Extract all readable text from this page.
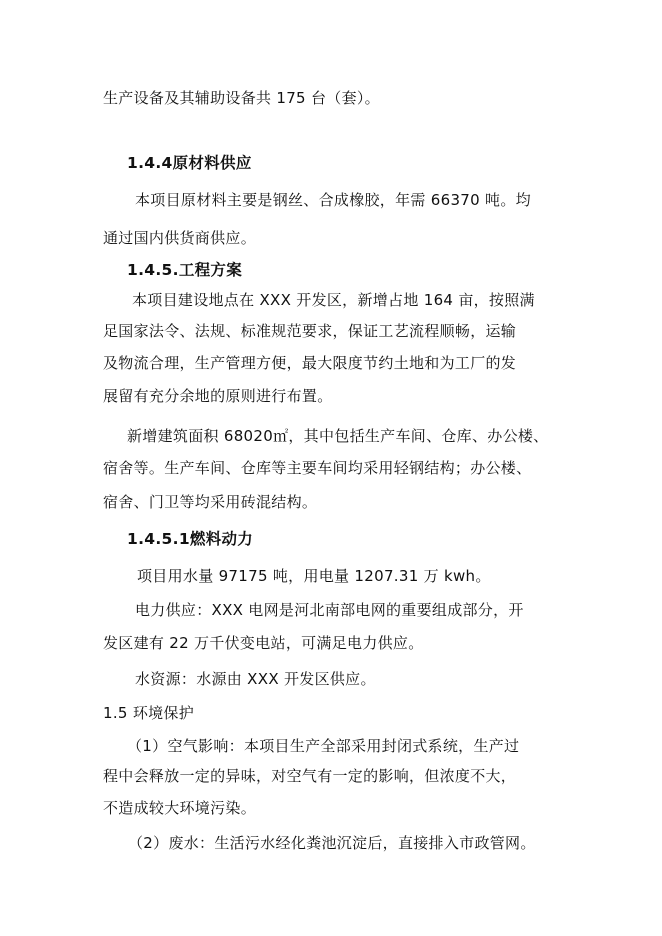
生产设备及其辅助设备共 175 台（套）。
1.4.4原材料供应
本项目原材料主要是钢丝、合成橡胶，年需 66370 吨。均
通过国内供货商供应。
1.4.5.工程方案
本项目建设地点在 XXX 开发区，新增占地 164 亩，按照满
足国家法令、法规、标准规范要求，保证工艺流程顺畅，运输
及物流合理，生产管理方便，最大限度节约土地和为工厂的发
展留有充分余地的原则进行布置。
新增建筑面积 68020㎡，其中包括生产车间、仓库、办公楼、
宿舍等。生产车间、仓库等主要车间均采用轻钢结构；办公楼、
宿舍、门卫等均采用砖混结构。
1.4.5.1燃料动力
项目用水量 97175 吨，用电量 1207.31 万 kwh。
电力供应：XXX 电网是河北南部电网的重要组成部分，开
发区建有 22 万千伏变电站，可满足电力供应。
水资源：水源由 XXX 开发区供应。
1.5 环境保护
（1）空气影响：本项目生产全部采用封闭式系统，生产过
程中会释放一定的异味，对空气有一定的影响，但浓度不大，
不造成较大环境污染。
（2）废水：生活污水经化粪池沉淀后，直接排入市政管网。
